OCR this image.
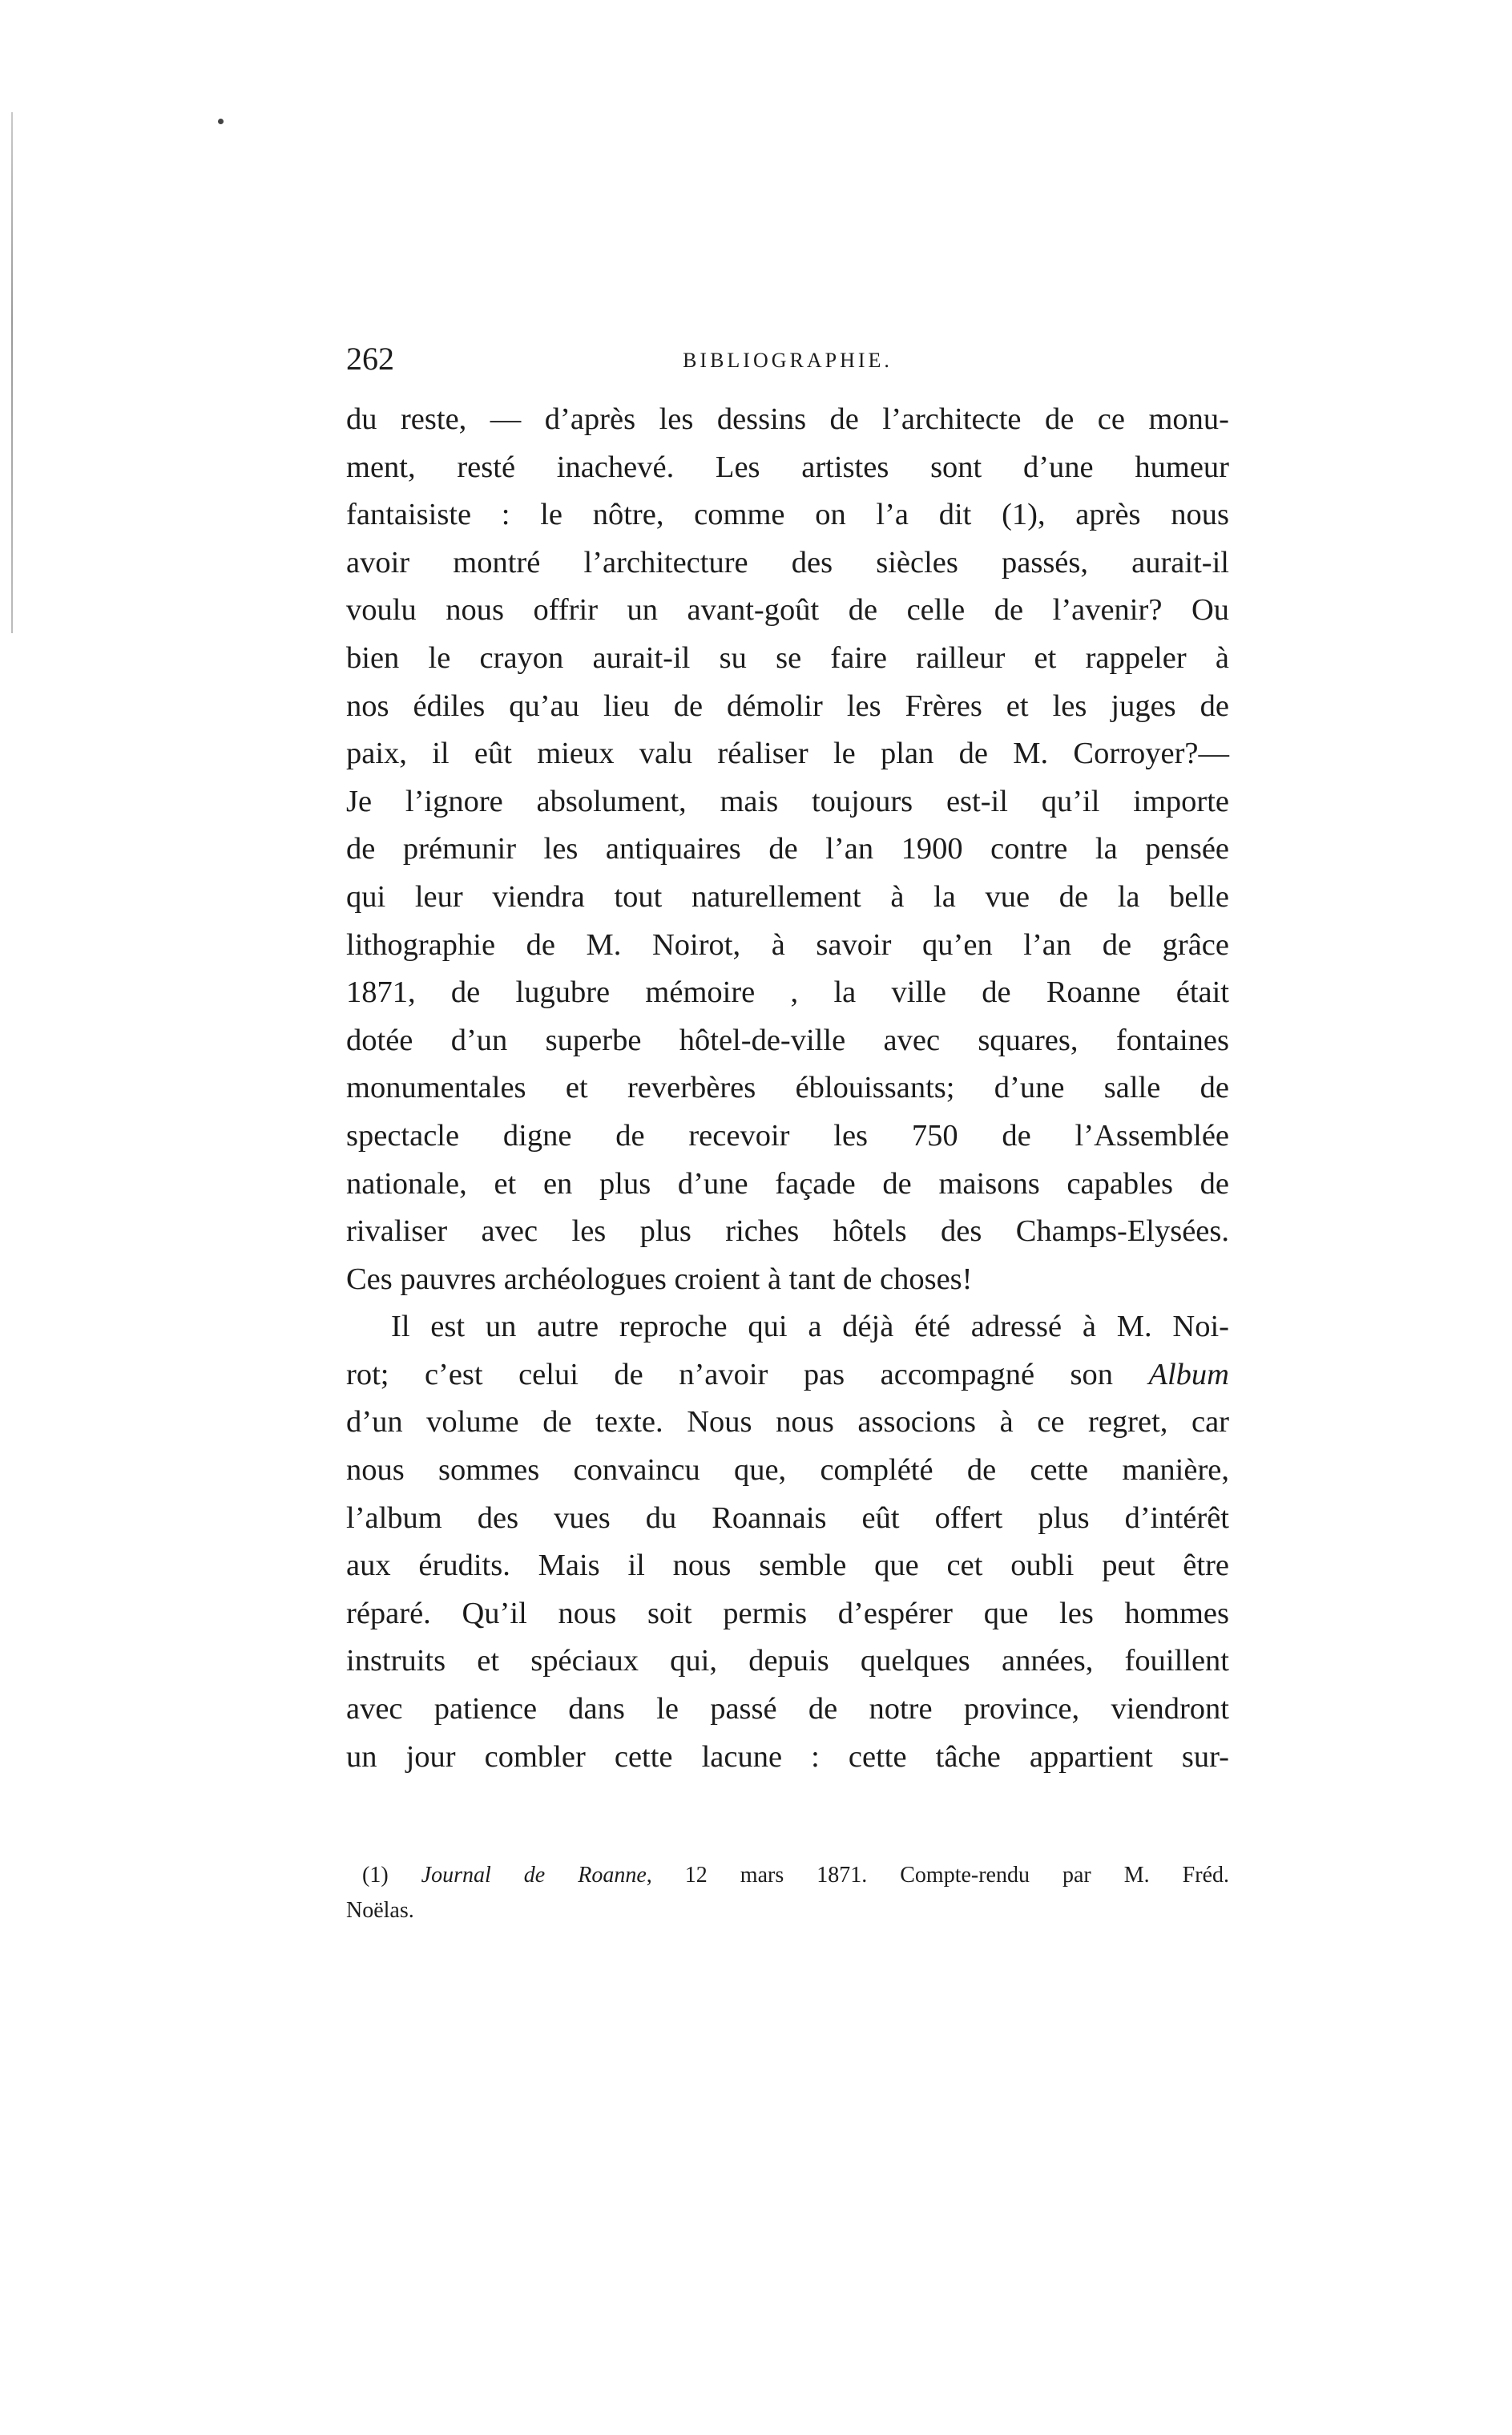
262	BIBLIOGRAPHIE.
du reste, — d’après les dessins de l’architecte de ce monu-
ment, resté inachevé. Les artistes sont d’une humeur
fantaisiste : le nôtre, comme on l’a dit (1), après nous
avoir montré l’architecture des siècles passés, aurait-il
voulu nous offrir un avant-goût de celle de l’avenir? Ou
bien le crayon aurait-il su se faire railleur et rappeler à
nos édiles qu’au lieu de démolir les Frères et les juges de
paix, il eût mieux valu réaliser le plan de M. Corroyer?—
Je l’ignore absolument, mais toujours est-il qu’il importe
de prémunir les antiquaires de l’an 1900 contre la pensée
qui leur viendra tout naturellement à la vue de la belle
lithographie de M. Noirot, à savoir qu’en l’an de grâce
1871, de lugubre mémoire , la ville de Roanne était
dotée d’un superbe hôtel-de-ville avec squares, fontaines
monumentales et reverbères éblouissants; d’une salle de
spectacle digne de recevoir les 750 de l’Assemblée
nationale, et en plus d’une façade de maisons capables de
rivaliser avec les plus riches hôtels des Champs-Elysées.
Ces pauvres archéologues croient à tant de choses!
Il est un autre reproche qui a déjà été adressé à M. Noi-
rot; c’est celui de n’avoir pas accompagné son Album
d’un volume de texte. Nous nous associons à ce regret, car
nous sommes convaincu que, complété de cette manière,
l’album des vues du Roannais eût offert plus d’intérêt
aux érudits. Mais il nous semble que cet oubli peut être
réparé. Qu’il nous soit permis d’espérer que les hommes
instruits et spéciaux qui, depuis quelques années, fouillent
avec patience dans le passé de notre province, viendront
un jour combler cette lacune : cette tâche appartient sur-
(1) Journal de Roanne, 12 mars 1871. Compte-rendu par M. Fréd.
Noëlas.
